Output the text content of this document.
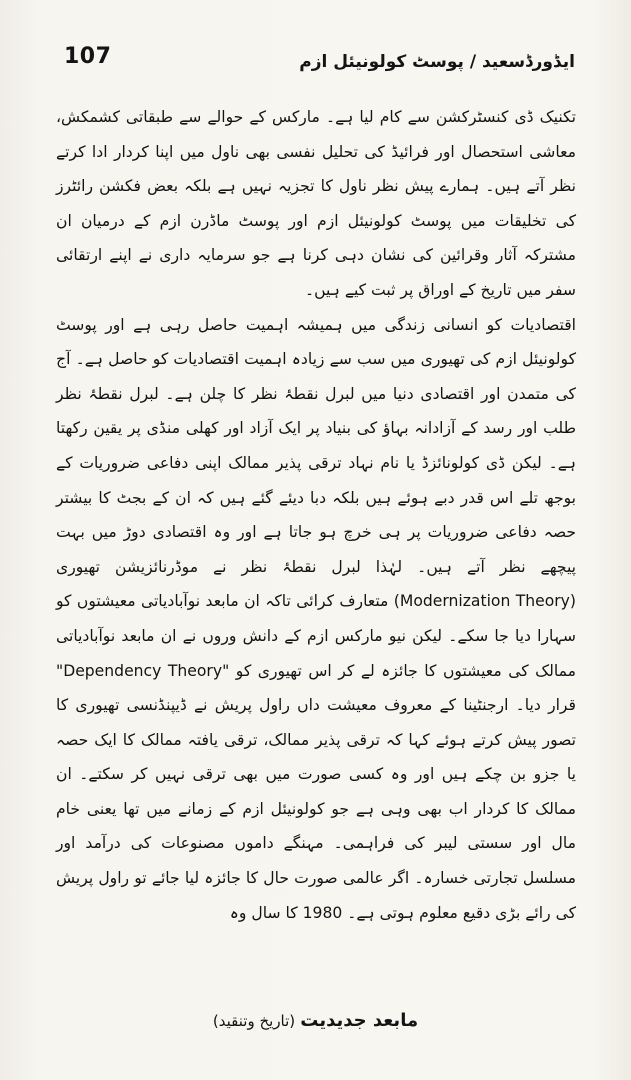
107	ایڈورڈسعید / پوسٹ کولونیئل ازم

تکنیک ڈی کنسٹرکشن سے کام لیا ہے۔ مارکس کے حوالے سے طبقاتی کشمکش، معاشی استحصال اور فرائیڈ کی تحلیل نفسی بھی ناول میں اپنا کردار ادا کرتے نظر آتے ہیں۔ ہمارے پیش نظر ناول کا تجزیہ نہیں ہے بلکہ بعض فکشن رائٹرز کی تخلیقات میں پوسٹ کولونیئل ازم اور پوسٹ ماڈرن ازم کے درمیان ان مشترکہ آثار وقرائین کی نشان دہی کرنا ہے جو سرمایہ داری نے اپنے ارتقائی سفر میں تاریخ کے اوراق پر ثبت کیے ہیں۔

اقتصادیات کو انسانی زندگی میں ہمیشہ اہمیت حاصل رہی ہے اور پوسٹ کولونیئل ازم کی تھیوری میں سب سے زیادہ اہمیت اقتصادیات کو حاصل ہے۔ آج کی متمدن اور اقتصادی دنیا میں لبرل نقطۂ نظر کا چلن ہے۔ لبرل نقطۂ نظر طلب اور رسد کے آزادانہ بہاؤ کی بنیاد پر ایک آزاد اور کھلی منڈی پر یقین رکھتا ہے۔ لیکن ڈی کولونائزڈ یا نام نہاد ترقی پذیر ممالک اپنی دفاعی ضروریات کے بوجھ تلے اس قدر دبے ہوئے ہیں بلکہ دبا دیئے گئے ہیں کہ ان کے بجٹ کا بیشتر حصہ دفاعی ضروریات پر ہی خرچ ہو جاتا ہے اور وہ اقتصادی دوڑ میں بہت پیچھے نظر آتے ہیں۔ لہٰذا لبرل نقطۂ نظر نے موڈرنائزیشن تھیوری (Modernization Theory) متعارف کرائی تاکہ ان مابعد نوآبادیاتی معیشتوں کو سہارا دیا جا سکے۔ لیکن نیو مارکس ازم کے دانش وروں نے ان مابعد نوآبادیاتی ممالک کی معیشتوں کا جائزہ لے کر اس تھیوری کو "Dependency Theory" قرار دیا۔ ارجنٹینا کے معروف معیشت داں راول پریش نے ڈیپنڈنسی تھیوری کا تصور پیش کرتے ہوئے کہا کہ ترقی پذیر ممالک، ترقی یافتہ ممالک کا ایک حصہ یا جزو بن چکے ہیں اور وہ کسی صورت میں بھی ترقی نہیں کر سکتے۔ ان ممالک کا کردار اب بھی وہی ہے جو کولونیئل ازم کے زمانے میں تھا یعنی خام مال اور سستی لیبر کی فراہمی۔ مہنگے داموں مصنوعات کی درآمد اور مسلسل تجارتی خسارہ۔ اگر عالمی صورت حال کا جائزہ لیا جائے تو راول پریش کی رائے بڑی دقیع معلوم ہوتی ہے۔ 1980 کا سال وہ

مابعد جدیدیت (تاریخ وتنقید)
